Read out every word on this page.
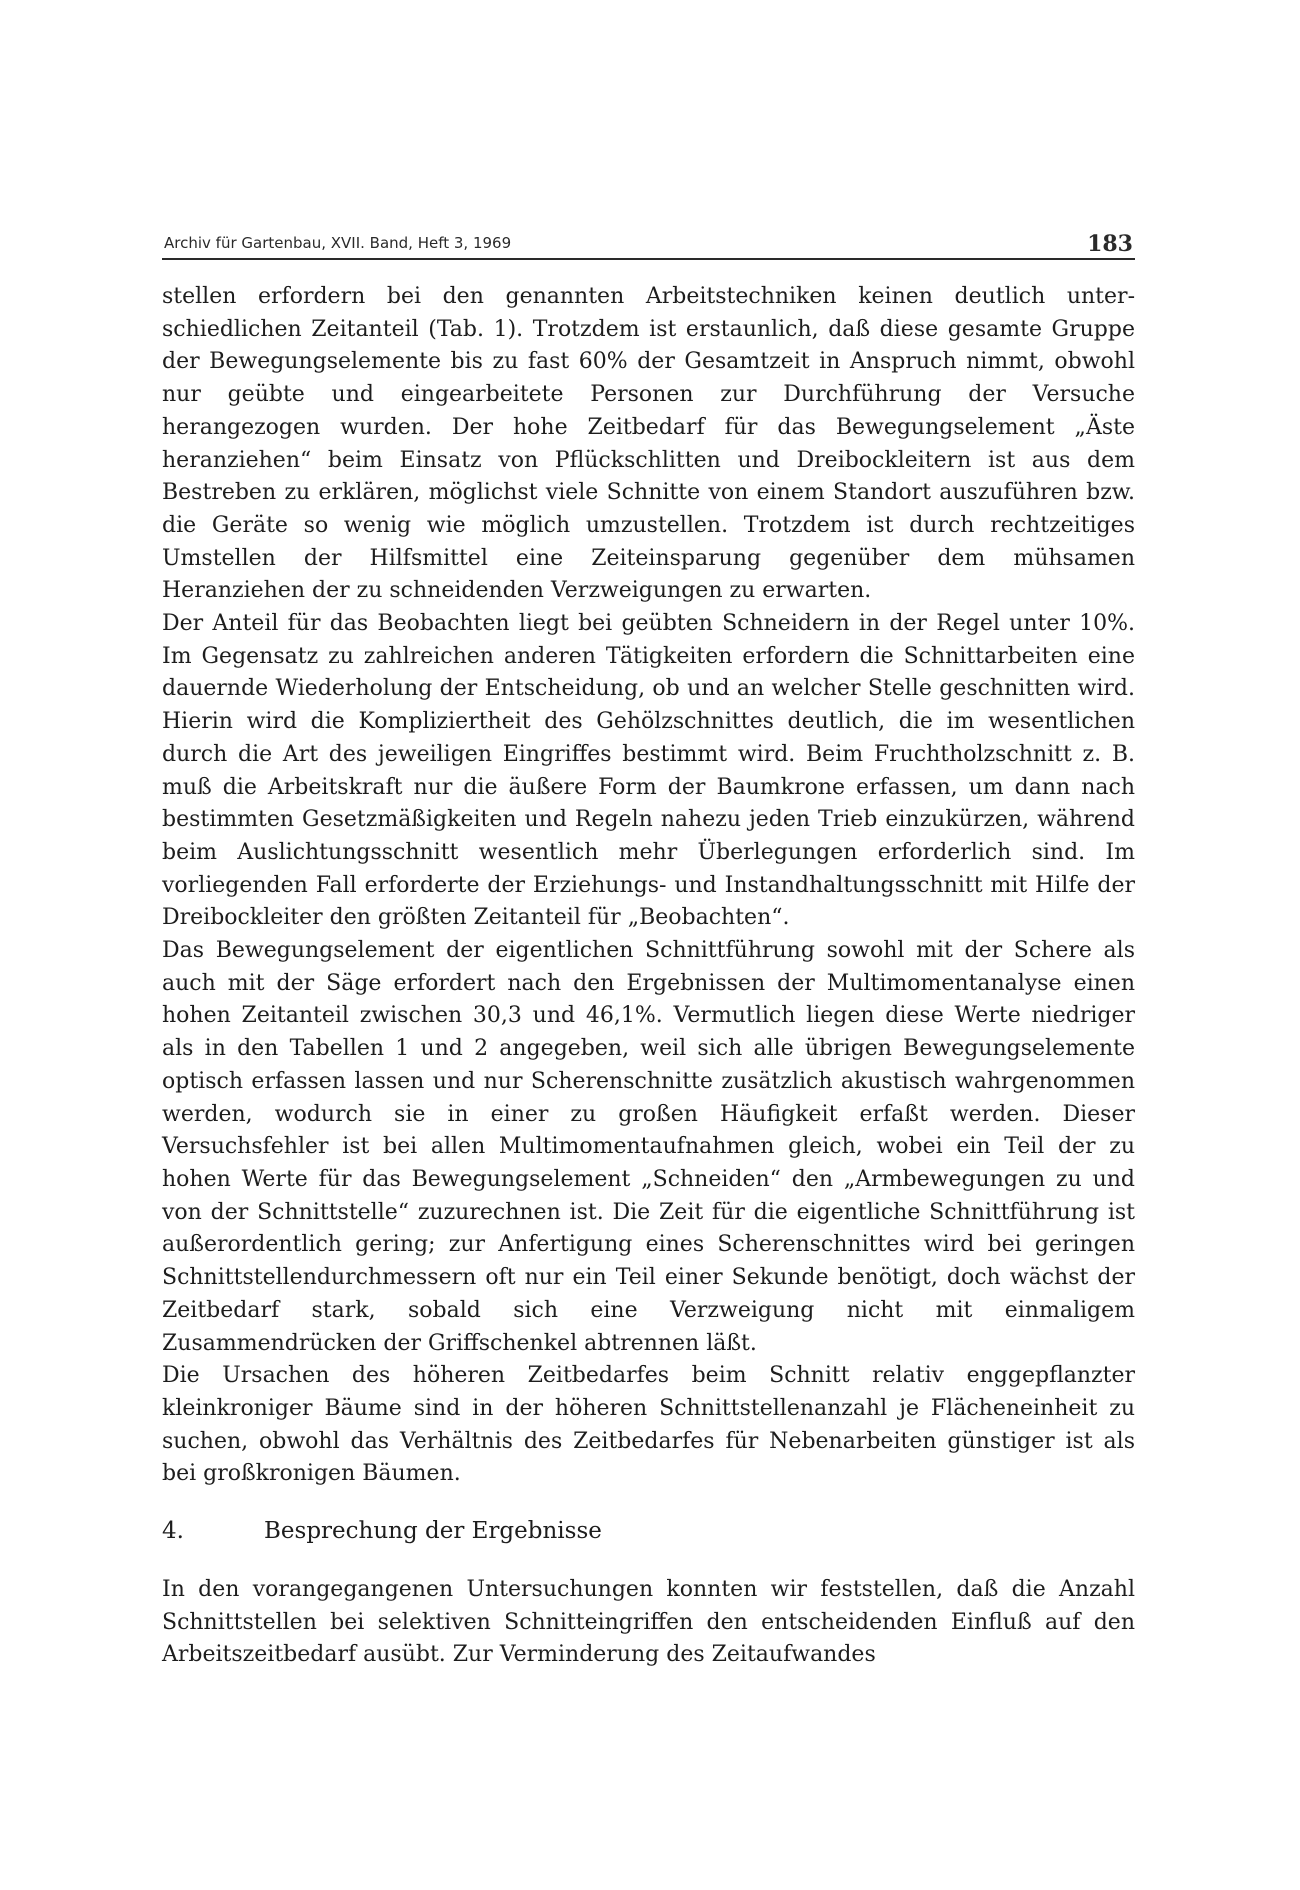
Archiv für Gartenbau, XVII. Band, Heft 3, 1969	183

stellen erfordern bei den genannten Arbeitstechniken keinen deutlich unterschiedlichen Zeitanteil (Tab. 1). Trotzdem ist erstaunlich, daß diese gesamte Gruppe der Bewegungselemente bis zu fast 60% der Gesamtzeit in Anspruch nimmt, obwohl nur geübte und eingearbeitete Personen zur Durchführung der Versuche herangezogen wurden. Der hohe Zeitbedarf für das Bewegungselement „Äste heranziehen“ beim Einsatz von Pflückschlitten und Dreibockleitern ist aus dem Bestreben zu erklären, möglichst viele Schnitte von einem Standort auszuführen bzw. die Geräte so wenig wie möglich umzustellen. Trotzdem ist durch rechtzeitiges Umstellen der Hilfsmittel eine Zeiteinsparung gegenüber dem mühsamen Heranziehen der zu schneidenden Verzweigungen zu erwarten.

Der Anteil für das Beobachten liegt bei geübten Schneidern in der Regel unter 10%. Im Gegensatz zu zahlreichen anderen Tätigkeiten erfordern die Schnittarbeiten eine dauernde Wiederholung der Entscheidung, ob und an welcher Stelle geschnitten wird. Hierin wird die Kompliziertheit des Gehölzschnittes deutlich, die im wesentlichen durch die Art des jeweiligen Eingriffes bestimmt wird. Beim Fruchtholzschnitt z. B. muß die Arbeitskraft nur die äußere Form der Baumkrone erfassen, um dann nach bestimmten Gesetzmäßigkeiten und Regeln nahezu jeden Trieb einzukürzen, während beim Auslichtungsschnitt wesentlich mehr Überlegungen erforderlich sind. Im vorliegenden Fall erforderte der Erziehungs- und Instandhaltungsschnitt mit Hilfe der Dreibockleiter den größten Zeitanteil für „Beobachten“.

Das Bewegungselement der eigentlichen Schnittführung sowohl mit der Schere als auch mit der Säge erfordert nach den Ergebnissen der Multimomentanalyse einen hohen Zeitanteil zwischen 30,3 und 46,1%. Vermutlich liegen diese Werte niedriger als in den Tabellen 1 und 2 angegeben, weil sich alle übrigen Bewegungselemente optisch erfassen lassen und nur Scherenschnitte zusätzlich akustisch wahrgenommen werden, wodurch sie in einer zu großen Häufigkeit erfaßt werden. Dieser Versuchsfehler ist bei allen Multimomentaufnahmen gleich, wobei ein Teil der zu hohen Werte für das Bewegungselement „Schneiden“ den „Armbewegungen zu und von der Schnittstelle“ zuzurechnen ist. Die Zeit für die eigentliche Schnittführung ist außerordentlich gering; zur Anfertigung eines Scherenschnittes wird bei geringen Schnittstellendurchmessern oft nur ein Teil einer Sekunde benötigt, doch wächst der Zeitbedarf stark, sobald sich eine Verzweigung nicht mit einmaligem Zusammendrücken der Griffschenkel abtrennen läßt.

Die Ursachen des höheren Zeitbedarfes beim Schnitt relativ enggepflanzter kleinkroniger Bäume sind in der höheren Schnittstellenanzahl je Flächeneinheit zu suchen, obwohl das Verhältnis des Zeitbedarfes für Nebenarbeiten günstiger ist als bei großkronigen Bäumen.

4.	Besprechung der Ergebnisse

In den vorangegangenen Untersuchungen konnten wir feststellen, daß die Anzahl Schnittstellen bei selektiven Schnitteingriffen den entscheidenden Einfluß auf den Arbeitszeitbedarf ausübt. Zur Verminderung des Zeitaufwandes
